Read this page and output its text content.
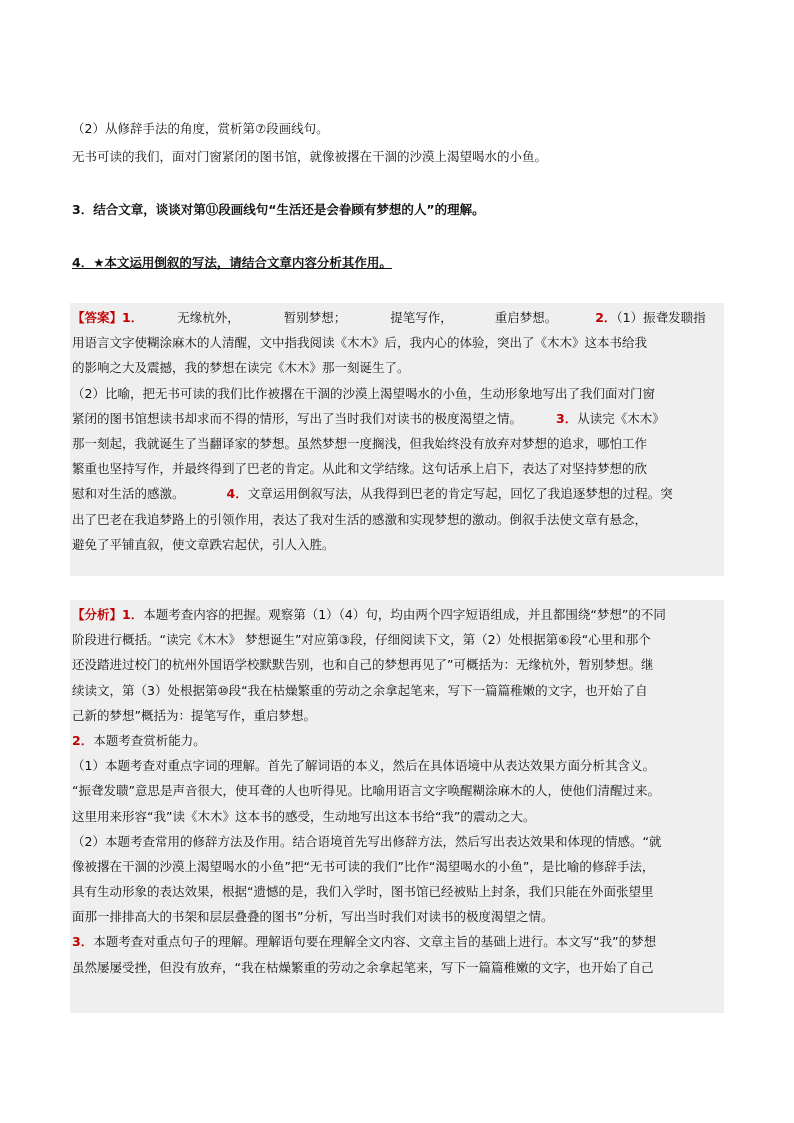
（2）从修辞手法的角度，赏析第⑦段画线句。
无书可读的我们，面对门窗紧闭的图书馆，就像被撂在干涸的沙漠上渴望喝水的小鱼。
3．结合文章，谈谈对第⑪段画线句“生活还是会眷顾有梦想的人”的理解。
4．★本文运用倒叙的写法，请结合文章内容分析其作用。
【答案】1．	无缘杭外，	暂别梦想；	提笔写作，	重启梦想。	2．（1）振聋发聩指
用语言文字使糊涂麻木的人清醒，文中指我阅读《木木》后，我内心的体验，突出了《木木》这本书给我
的影响之大及震撼，我的梦想在读完《木木》那一刻诞生了。
（2）比喻，把无书可读的我们比作被撂在干涸的沙漠上渴望喝水的小鱼，生动形象地写出了我们面对门窗
紧闭的图书馆想读书却求而不得的情形，写出了当时我们对读书的极度渴望之情。	3．从读完《木木》
那一刻起，我就诞生了当翻译家的梦想。虽然梦想一度搁浅，但我始终没有放弃对梦想的追求，哪怕工作
繁重也坚持写作，并最终得到了巴老的肯定。从此和文学结缘。这句话承上启下，表达了对坚持梦想的欣
慰和对生活的感激。	4．文章运用倒叙写法，从我得到巴老的肯定写起，回忆了我追逐梦想的过程。突
出了巴老在我追梦路上的引领作用，表达了我对生活的感激和实现梦想的激动。倒叙手法使文章有悬念，
避免了平铺直叙，使文章跌宕起伏，引人入胜。
【分析】1．本题考查内容的把握。观察第（1）（4）句，均由两个四字短语组成，并且都围绕“梦想”的不同
阶段进行概括。“读完《木木》 梦想诞生”对应第③段，仔细阅读下文，第（2）处根据第⑥段“心里和那个
还没踏进过校门的杭州外国语学校默默告别，也和自己的梦想再见了”可概括为：无缘杭外，暂别梦想。继
续读文，第（3）处根据第⑩段“我在枯燥繁重的劳动之余拿起笔来，写下一篇篇稚嫩的文字，也开始了自
己新的梦想”概括为：提笔写作，重启梦想。
2．本题考查赏析能力。
（1）本题考查对重点字词的理解。首先了解词语的本义，然后在具体语境中从表达效果方面分析其含义。
“振聋发聩”意思是声音很大，使耳聋的人也听得见。比喻用语言文字唤醒糊涂麻木的人，使他们清醒过来。
这里用来形容“我”读《木木》这本书的感受，生动地写出这本书给“我”的震动之大。
（2）本题考查常用的修辞方法及作用。结合语境首先写出修辞方法，然后写出表达效果和体现的情感。“就
像被撂在干涸的沙漠上渴望喝水的小鱼”把“无书可读的我们”比作“渴望喝水的小鱼”，是比喻的修辞手法，
具有生动形象的表达效果，根据“遗憾的是，我们入学时，图书馆已经被贴上封条，我们只能在外面张望里
面那一排排高大的书架和层层叠叠的图书”分析，写出当时我们对读书的极度渴望之情。
3．本题考查对重点句子的理解。理解语句要在理解全文内容、文章主旨的基础上进行。本文写“我”的梦想
虽然屡屡受挫，但没有放弃，“我在枯燥繁重的劳动之余拿起笔来，写下一篇篇稚嫩的文字，也开始了自己
